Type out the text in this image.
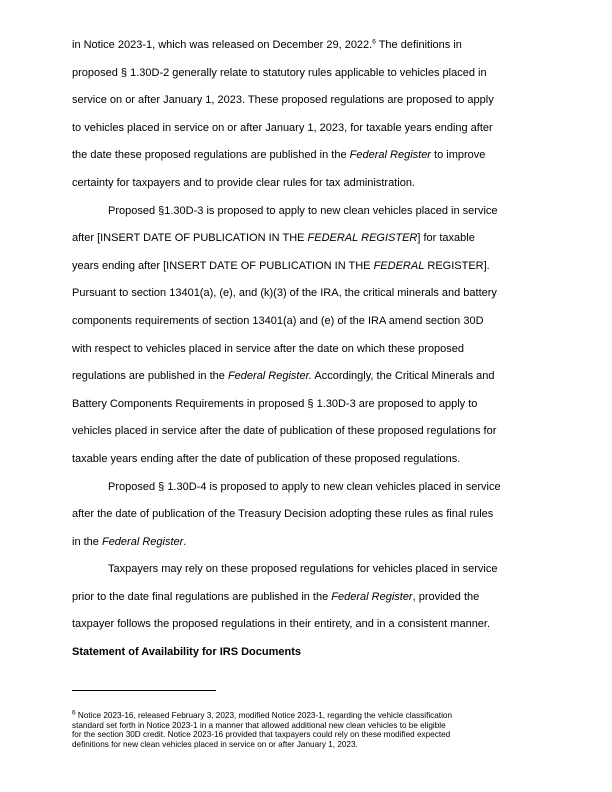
in Notice 2023-1, which was released on December 29, 2022.$^6$ The definitions in
proposed § 1.30D-2 generally relate to statutory rules applicable to vehicles placed in
service on or after January 1, 2023. These proposed regulations are proposed to apply
to vehicles placed in service on or after January 1, 2023, for taxable years ending after
the date these proposed regulations are published in the Federal Register to improve
certainty for taxpayers and to provide clear rules for tax administration.
Proposed §1.30D-3 is proposed to apply to new clean vehicles placed in service
after [INSERT DATE OF PUBLICATION IN THE FEDERAL REGISTER] for taxable
years ending after [INSERT DATE OF PUBLICATION IN THE FEDERAL REGISTER].
Pursuant to section 13401(a), (e), and (k)(3) of the IRA, the critical minerals and battery
components requirements of section 13401(a) and (e) of the IRA amend section 30D
with respect to vehicles placed in service after the date on which these proposed
regulations are published in the Federal Register. Accordingly, the Critical Minerals and
Battery Components Requirements in proposed § 1.30D-3 are proposed to apply to
vehicles placed in service after the date of publication of these proposed regulations for
taxable years ending after the date of publication of these proposed regulations.
Proposed § 1.30D-4 is proposed to apply to new clean vehicles placed in service
after the date of publication of the Treasury Decision adopting these rules as final rules
in the Federal Register.
Taxpayers may rely on these proposed regulations for vehicles placed in service
prior to the date final regulations are published in the Federal Register, provided the
taxpayer follows the proposed regulations in their entirety, and in a consistent manner.
Statement of Availability for IRS Documents
$^6$ Notice 2023-16, released February 3, 2023, modified Notice 2023-1, regarding the vehicle classification
standard set forth in Notice 2023-1 in a manner that allowed additional new clean vehicles to be eligible
for the section 30D credit. Notice 2023-16 provided that taxpayers could rely on these modified expected
definitions for new clean vehicles placed in service on or after January 1, 2023.
